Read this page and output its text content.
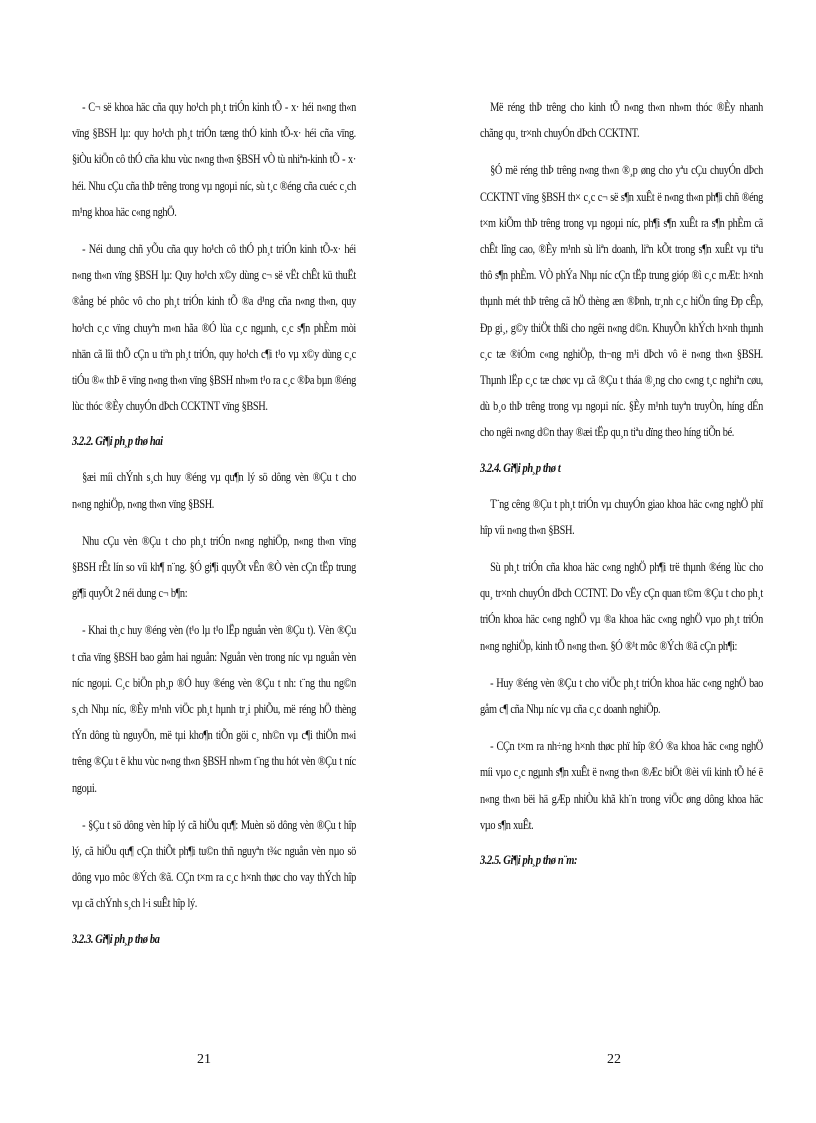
- C¬ së khoa häc cña quy ho¹ch ph¸t triÓn kinh tÕ - x· héi n«ng th«n vïng §BSH lµ: quy ho¹ch ph¸t triÓn tæng thÓ kinh tÕ-x· héi cña vïng. §iÒu kiÖn cô thÓ cña khu vùc n«ng th«n §BSH vÒ tù nhiªn-kinh tÕ - x· héi. Nhu cÇu cña thÞ trêng trong vµ ngoµi níc, sù t¸c ®éng cña cuéc c¸ch m¹ng khoa häc c«ng nghÖ.

- Néi dung chñ yÕu cña quy ho¹ch cô thÓ ph¸t triÓn kinh tÕ-x· héi n«ng th«n vïng §BSH lµ: Quy ho¹ch x©y dùng c¬ së vËt chÊt kü thuËt ®ång bé phôc vô cho ph¸t triÓn kinh tÕ ®a d¹ng cña n«ng th«n, quy ho¹ch c¸c vïng chuyªn m«n hãa ®Ó lùa c¸c ngµnh, c¸c s¶n phÈm mòi nhän cã lîi thÕ cÇn u tiªn ph¸t triÓn, quy ho¹ch c¶i t¹o vµ x©y dùng c¸c tiÓu ®« thÞ ë vïng n«ng th«n vïng §BSH nh»m t¹o ra c¸c ®Þa bµn ®éng lùc thóc ®Èy chuyÓn dÞch CCKTNT vïng §BSH.

3.2.2. Gi¶i ph¸p thø hai

§æi míi chÝnh s¸ch huy ®éng vµ qu¶n lý sö dông vèn ®Çu t cho n«ng nghiÖp, n«ng th«n vïng §BSH.

Nhu cÇu vèn ®Çu t cho ph¸t triÓn n«ng nghiÖp, n«ng th«n vïng §BSH rÊt lín so víi kh¶ n¨ng. §Ó gi¶i quyÕt vÊn ®Ò vèn cÇn tËp trung gi¶i quyÕt 2 néi dung c¬ b¶n:

- Khai th¸c huy ®éng vèn (t¹o lµ t¹o lËp nguån vèn ®Çu t). Vèn ®Çu t cña vïng §BSH bao gåm hai nguån: Nguån vèn trong níc vµ nguån vèn níc ngoµi. C¸c biÖn ph¸p ®Ó huy ®éng vèn ®Çu t nh: t¨ng thu ng©n s¸ch Nhµ níc, ®Èy m¹nh viÖc ph¸t hµnh tr¸i phiÕu, më réng hÖ thèng tÝn dông tù nguyÖn, më tµi kho¶n tiÕn göi c¸ nh©n vµ c¶i thiÖn m«i trêng ®Çu t ë khu vùc n«ng th«n §BSH nh»m t¨ng thu hót vèn ®Çu t níc ngoµi.

- §Çu t sö dông vèn hîp lý cã hiÖu qu¶: Muèn sö dông vèn ®Çu t hîp lý, cã hiÖu qu¶ cÇn thiÕt ph¶i tu©n thñ nguyªn t¾c nguån vèn nµo sö dông vµo môc ®Ých ®ã. CÇn t×m ra c¸c h×nh thøc cho vay thÝch hîp vµ cã chÝnh s¸ch l·i suÊt hîp lý.

3.2.3. Gi¶i ph¸p thø ba
21

Më réng thÞ trêng cho kinh tÕ n«ng th«n nh»m thóc ®Èy nhanh chãng qu¸ tr×nh chuyÓn dÞch CCKTNT.

§Ó më réng thÞ trêng n«ng th«n ®¸p øng cho yªu cÇu chuyÓn dÞch CCKTNT vïng §BSH th× c¸c c¬ së s¶n xuÊt ë n«ng th«n ph¶i chñ ®éng t×m kiÕm thÞ trêng trong vµ ngoµi níc, ph¶i s¶n xuÊt ra s¶n phÈm cã chÊt lîng cao, ®Èy m¹nh sù liªn doanh, liªn kÕt trong s¶n xuÊt vµ tiªu thô s¶n phÈm. VÒ phÝa Nhµ níc cÇn tËp trung gióp ®ì c¸c mÆt: h×nh thµnh mét thÞ trêng cã hÖ thèng æn ®Þnh, tr¸nh c¸c hiÖn tîng Ðp cÊp, Ðp gi¸, g©y thiÖt thßi cho ngêi n«ng d©n. KhuyÕn khÝch h×nh thµnh c¸c tæ ®iÓm c«ng nghiÖp, th¬ng m¹i dÞch vô ë n«ng th«n §BSH. Thµnh lËp c¸c tæ chøc vµ cã ®Çu t tháa ®¸ng cho c«ng t¸c nghiªn cøu, dù b¸o thÞ trêng trong vµ ngoµi níc. §Èy m¹nh tuyªn truyÒn, híng dÉn cho ngêi n«ng d©n thay ®æi tËp qu¸n tiªu dïng theo híng tiÕn bé.

3.2.4. Gi¶i ph¸p thø t

T¨ng cêng ®Çu t ph¸t triÓn vµ chuyÓn giao khoa häc c«ng nghÖ phï hîp víi n«ng th«n §BSH.

Sù ph¸t triÓn cña khoa häc c«ng nghÖ ph¶i trë thµnh ®éng lùc cho qu¸ tr×nh chuyÓn dÞch CCTNT. Do vËy cÇn quan t©m ®Çu t cho ph¸t triÓn khoa häc c«ng nghÖ vµ ®a khoa häc c«ng nghÖ vµo ph¸t triÓn n«ng nghiÖp, kinh tÕ n«ng th«n. §Ó ®¹t môc ®Ých ®ã cÇn ph¶i:

- Huy ®éng vèn ®Çu t cho viÖc ph¸t triÓn khoa häc c«ng nghÖ bao gåm c¶ cña Nhµ níc vµ cña c¸c doanh nghiÖp.

- CÇn t×m ra nh÷ng h×nh thøc phï hîp ®Ó ®a khoa häc c«ng nghÖ míi vµo c¸c ngµnh s¶n xuÊt ë n«ng th«n ®Æc biÖt ®èi víi kinh tÕ hé ë n«ng th«n bëi hä gÆp nhiÒu khã kh¨n trong viÖc øng dông khoa häc vµo s¶n xuÊt.

3.2.5. Gi¶i ph¸p thø n¨m:
22
